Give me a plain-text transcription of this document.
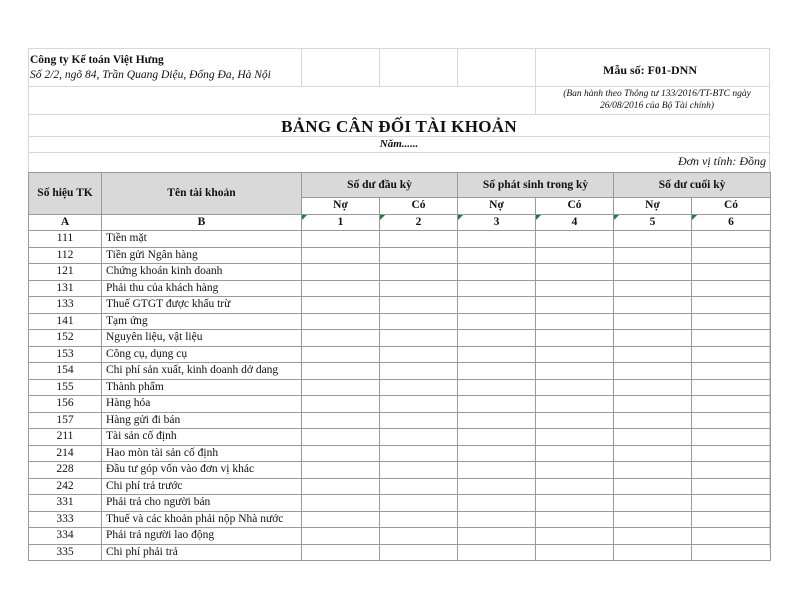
Công ty Kế toán Việt Hưng
Số 2/2, ngõ 84, Trần Quang Diệu, Đống Đa, Hà Nội	Mẫu số: F01-DNN
(Ban hành theo Thông tư 133/2016/TT-BTC ngày 26/08/2016 của Bộ Tài chính)
BẢNG CÂN ĐỐI TÀI KHOẢN
Năm......
Đơn vị tính: Đồng
Số hiệu TK	Tên tài khoản	Số dư đầu kỳ		Số phát sinh trong kỳ		Số dư cuối kỳ	
		Nợ	Có	Nợ	Có	Nợ	Có
A	B	1	2	3	4	5	6
111	Tiền mặt						
112	Tiền gửi Ngân hàng						
121	Chứng khoán kinh doanh						
131	Phải thu của khách hàng						
133	Thuế GTGT được khấu trừ						
141	Tạm ứng						
152	Nguyên liệu, vật liệu						
153	Công cụ, dụng cụ						
154	Chi phí sản xuất, kinh doanh dở dang						
155	Thành phẩm						
156	Hàng hóa						
157	Hàng gửi đi bán						
211	Tài sản cố định						
214	Hao mòn tài sản cố định						
228	Đầu tư góp vốn vào đơn vị khác						
242	Chi phí trả trước						
331	Phải trả cho người bán						
333	Thuế và các khoản phải nộp Nhà nước						
334	Phải trả người lao động						
335	Chi phí phải trả						
